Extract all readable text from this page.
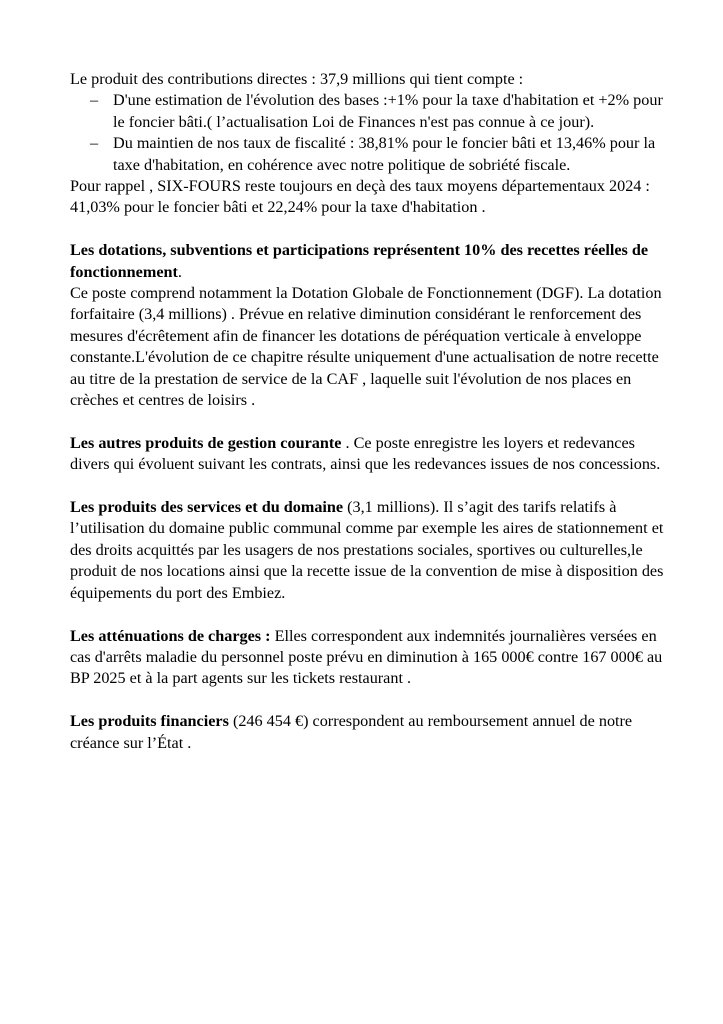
Le produit des contributions directes : 37,9 millions qui tient compte :

– D'une estimation de l'évolution des bases :+1% pour la taxe d'habitation et +2% pour le foncier bâti.( l’actualisation Loi de Finances n'est pas connue à ce jour).
– Du maintien de nos taux de fiscalité : 38,81% pour le foncier bâti et 13,46% pour la taxe d'habitation, en cohérence avec notre politique de sobriété fiscale.

Pour rappel , SIX-FOURS reste toujours en deçà des taux moyens départementaux 2024 : 41,03% pour le foncier bâti et 22,24% pour la taxe d'habitation .

Les dotations, subventions et participations représentent 10% des recettes réelles de fonctionnement.

Ce poste comprend notamment la Dotation Globale de Fonctionnement (DGF). La dotation forfaitaire (3,4 millions) . Prévue en relative diminution considérant le renforcement des mesures d'écrêtement afin de financer les dotations de péréquation verticale à enveloppe constante.L'évolution de ce chapitre résulte uniquement d'une actualisation de notre recette au titre de la prestation de service de la CAF , laquelle suit l'évolution de nos places en crèches et centres de loisirs .

Les autres produits de gestion courante . Ce poste enregistre les loyers et redevances divers qui évoluent suivant les contrats, ainsi que les redevances issues de nos concessions.

Les produits des services et du domaine (3,1 millions). Il s’agit des tarifs relatifs à l’utilisation du domaine public communal comme par exemple les aires de stationnement et des droits acquittés par les usagers de nos prestations sociales, sportives ou culturelles,le produit de nos locations ainsi que la recette issue de la convention de mise à disposition des équipements du port des Embiez.

Les atténuations de charges : Elles correspondent aux indemnités journalières versées en cas d'arrêts maladie du personnel poste prévu en diminution à 165 000€ contre 167 000€ au BP 2025 et à la part agents sur les tickets restaurant .

Les produits financiers (246 454 €) correspondent au remboursement annuel de notre créance sur l’État .
